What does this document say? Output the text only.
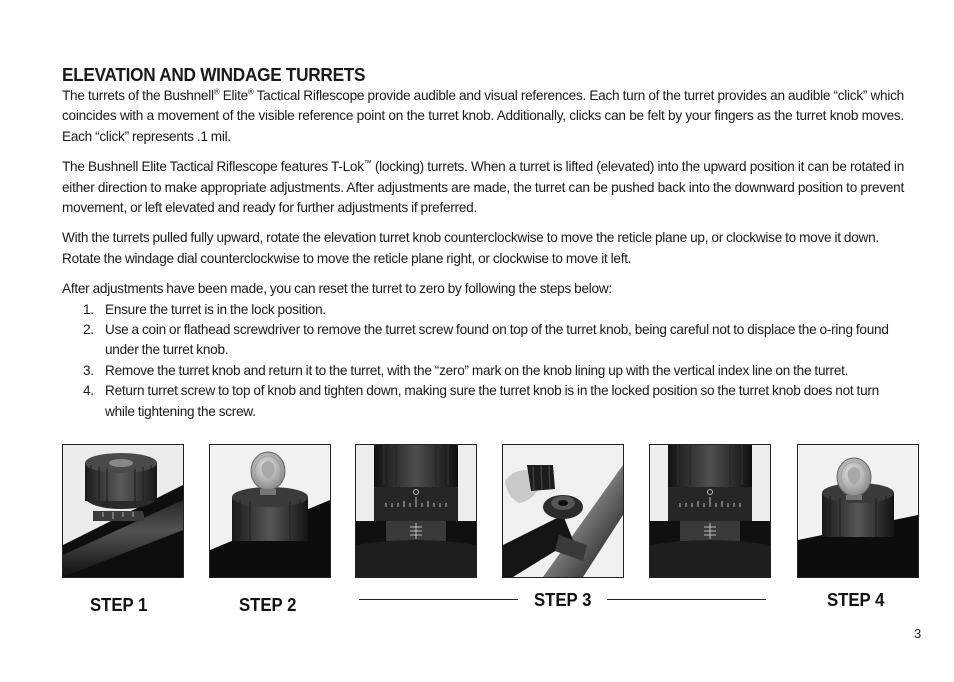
ELEVATION AND WINDAGE TURRETS

The turrets of the Bushnell® Elite® Tactical Riflescope provide audible and visual references. Each turn of the turret provides an audible “click” which coincides with a movement of the visible reference point on the turret knob. Additionally, clicks can be felt by your fingers as the turret knob moves. Each “click” represents .1 mil.

The Bushnell Elite Tactical Riflescope features T-Lok™ (locking) turrets. When a turret is lifted (elevated) into the upward position it can be rotated in either direction to make appropriate adjustments. After adjustments are made, the turret can be pushed back into the downward position to prevent movement, or left elevated and ready for further adjustments if preferred.

With the turrets pulled fully upward, rotate the elevation turret knob counterclockwise to move the reticle plane up, or clockwise to move it down. Rotate the windage dial counterclockwise to move the reticle plane right, or clockwise to move it left.

After adjustments have been made, you can reset the turret to zero by following the steps below:

1. Ensure the turret is in the lock position.
2. Use a coin or flathead screwdriver to remove the turret screw found on top of the turret knob, being careful not to displace the o-ring found under the turret knob.
3. Remove the turret knob and return it to the turret, with the “zero” mark on the knob lining up with the vertical index line on the turret.
4. Return turret screw to top of knob and tighten down, making sure the turret knob is in the locked position so the turret knob does not turn while tightening the screw.
STEP 1	STEP 2	STEP 3	STEP 4
3
